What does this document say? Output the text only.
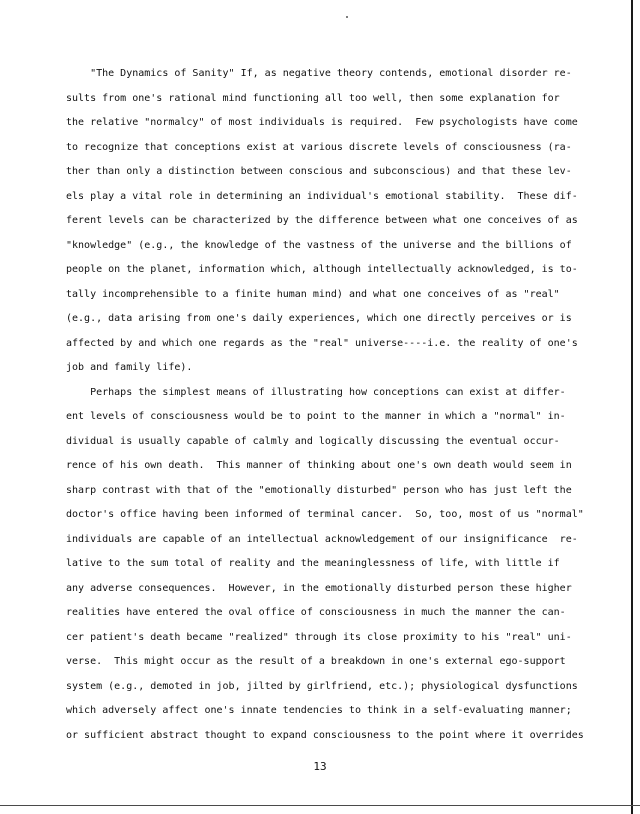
"The Dynamics of Sanity" If, as negative theory contends, emotional disorder re-
sults from one's rational mind functioning all too well, then some explanation for
the relative "normalcy" of most individuals is required.  Few psychologists have come
to recognize that conceptions exist at various discrete levels of consciousness (ra-
ther than only a distinction between conscious and subconscious) and that these lev-
els play a vital role in determining an individual's emotional stability.  These dif-
ferent levels can be characterized by the difference between what one conceives of as
"knowledge" (e.g., the knowledge of the vastness of the universe and the billions of
people on the planet, information which, although intellectually acknowledged, is to-
tally incomprehensible to a finite human mind) and what one conceives of as "real"
(e.g., data arising from one's daily experiences, which one directly perceives or is
affected by and which one regards as the "real" universe----i.e. the reality of one's
job and family life).
Perhaps the simplest means of illustrating how conceptions can exist at differ-
ent levels of consciousness would be to point to the manner in which a "normal" in-
dividual is usually capable of calmly and logically discussing the eventual occur-
rence of his own death.  This manner of thinking about one's own death would seem in
sharp contrast with that of the "emotionally disturbed" person who has just left the
doctor's office having been informed of terminal cancer.  So, too, most of us "normal"
individuals are capable of an intellectual acknowledgement of our insignificance  re-
lative to the sum total of reality and the meaninglessness of life, with little if
any adverse consequences.  However, in the emotionally disturbed person these higher
realities have entered the oval office of consciousness in much the manner the can-
cer patient's death became "realized" through its close proximity to his "real" uni-
verse.  This might occur as the result of a breakdown in one's external ego-support
system (e.g., demoted in job, jilted by girlfriend, etc.); physiological dysfunctions
which adversely affect one's innate tendencies to think in a self-evaluating manner;
or sufficient abstract thought to expand consciousness to the point where it overrides
13
